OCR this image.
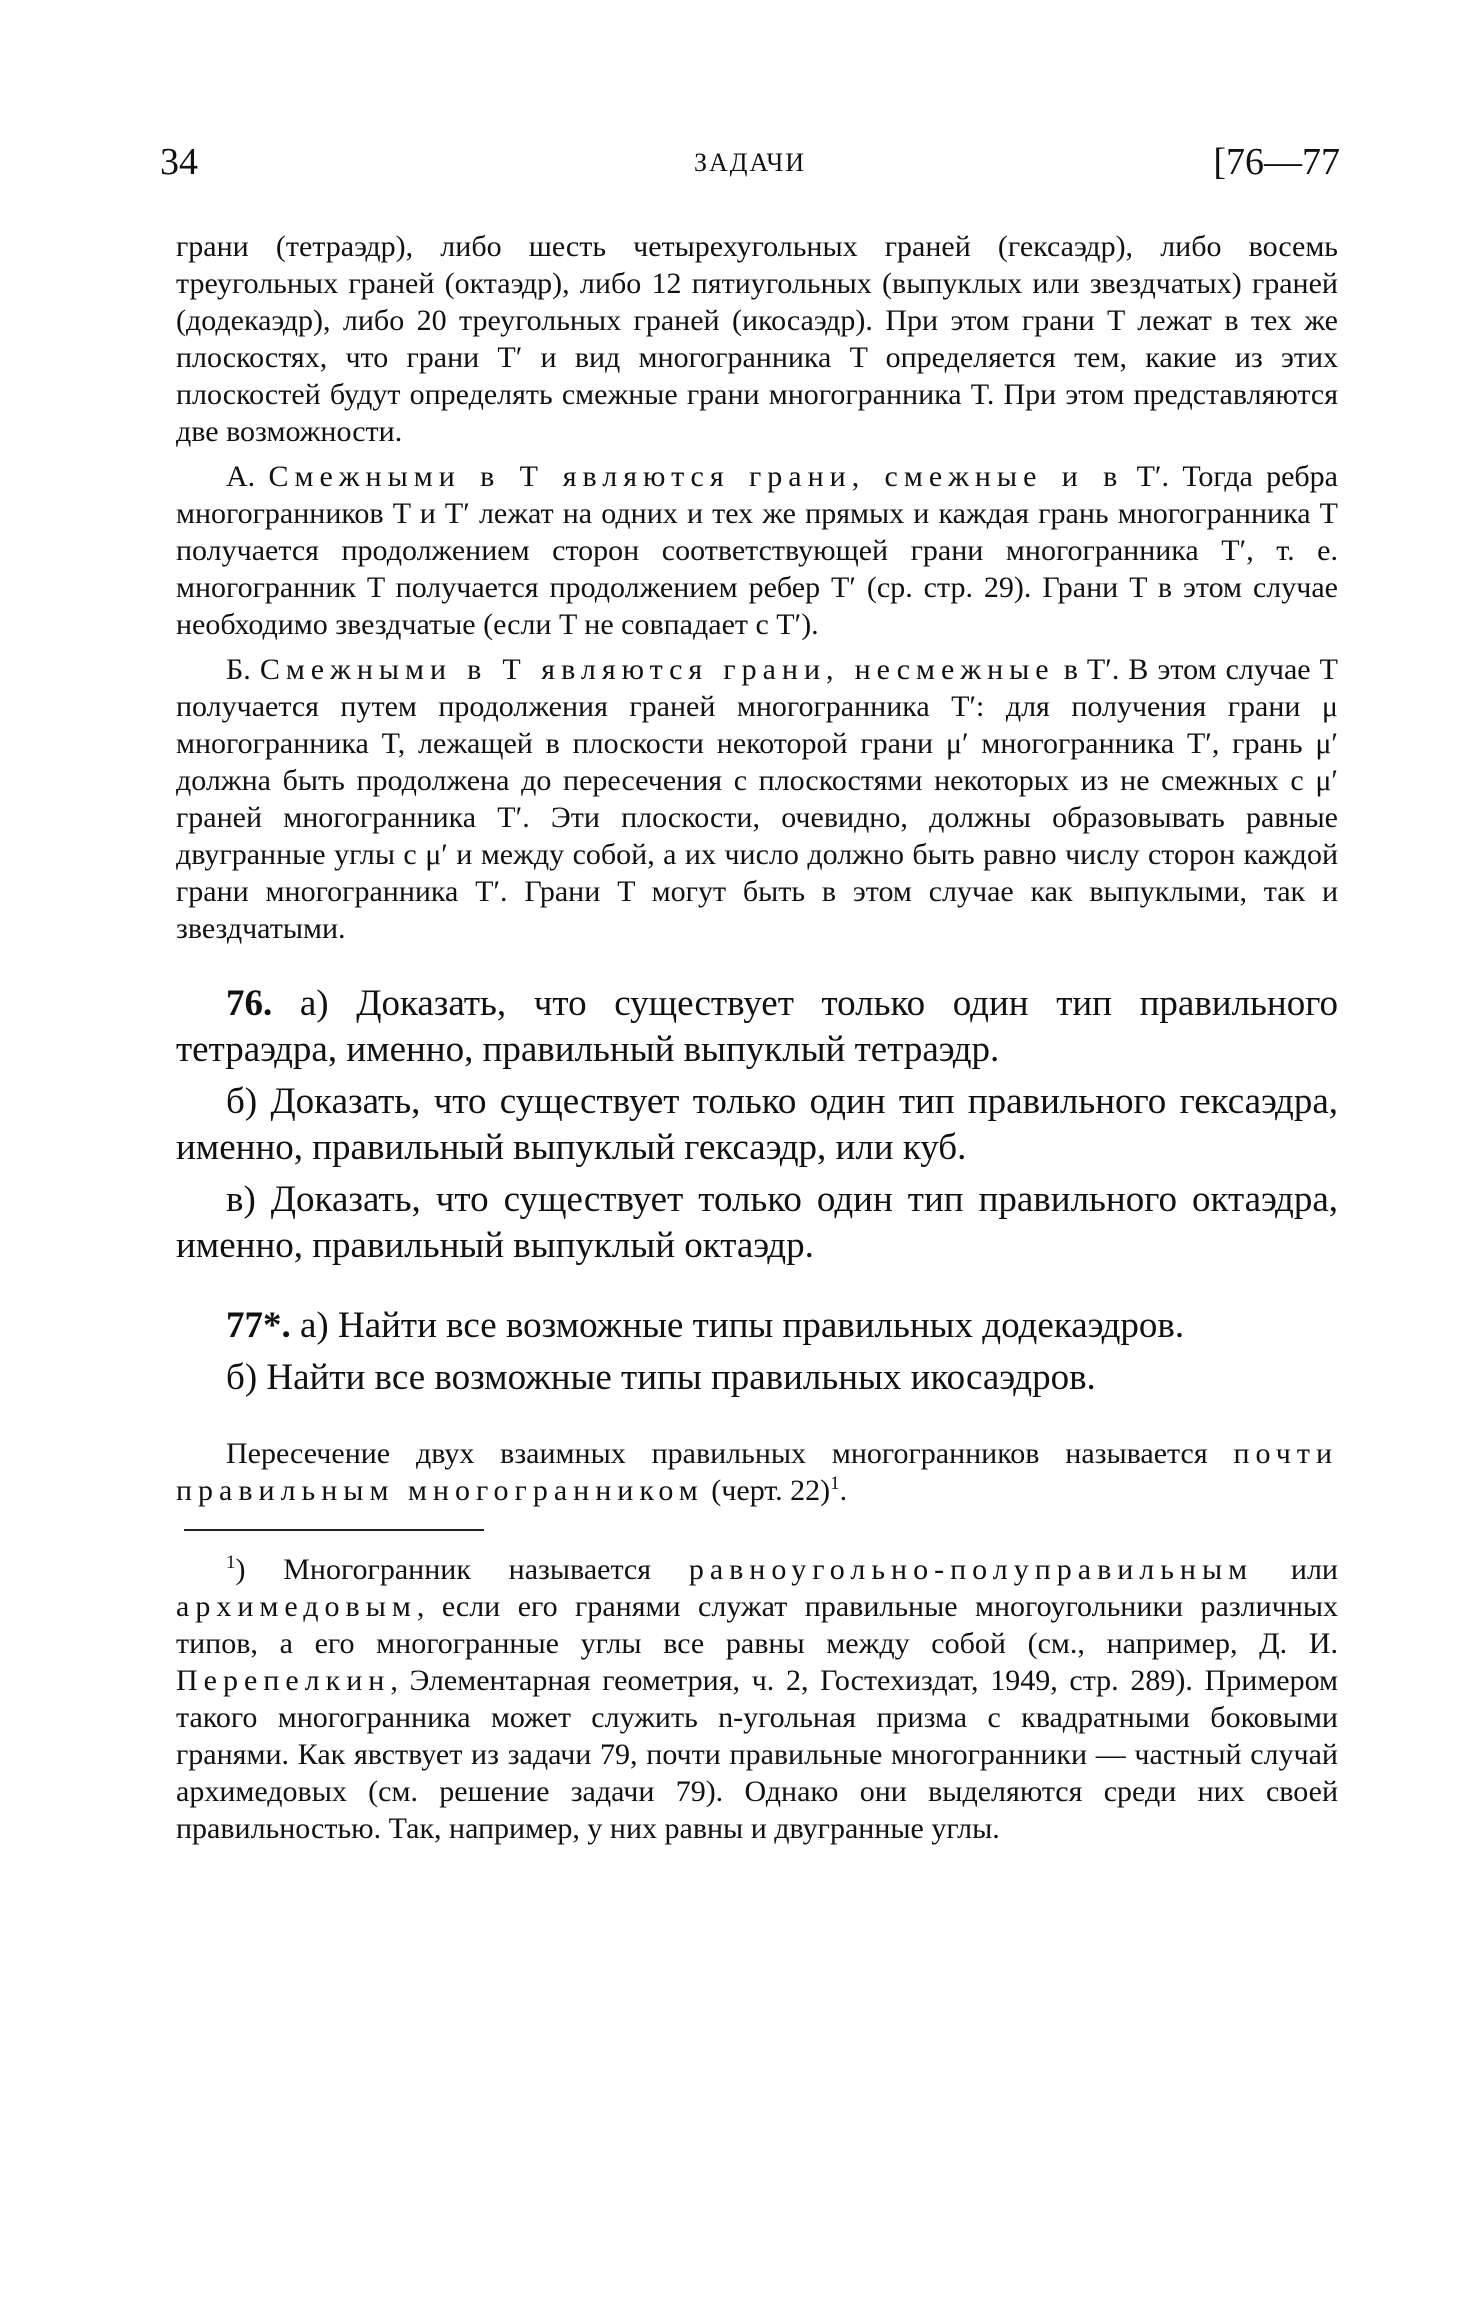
34	ЗАДАЧИ	[76—77

грани (тетраэдр), либо шесть четырехугольных граней (гексаэдр), либо восемь треугольных граней (октаэдр), либо 12 пятиугольных (выпуклых или звездчатых) граней (додекаэдр), либо 20 треугольных граней (икосаэдр). При этом грани T лежат в тех же плоскостях, что грани T′ и вид многогранника T определяется тем, какие из этих плоскостей будут определять смежные грани многогранника T. При этом представляются две возможности.

А. Смежными в T являются грани, смежные и в T′. Тогда ребра многогранников T и T′ лежат на одних и тех же прямых и каждая грань многогранника T получается продолжением сторон соответствующей грани многогранника T′, т. е. многогранник T получается продолжением ребер T′ (ср. стр. 29). Грани T в этом случае необходимо звездчатые (если T не совпадает с T′).

Б. Смежными в T являются грани, несмежные в T′. В этом случае T получается путем продолжения граней многогранника T′: для получения грани μ многогранника T, лежащей в плоскости некоторой грани μ′ многогранника T′, грань μ′ должна быть продолжена до пересечения с плоскостями некоторых из не смежных с μ′ граней многогранника T′. Эти плоскости, очевидно, должны образовывать равные двугранные углы с μ′ и между собой, а их число должно быть равно числу сторон каждой грани многогранника T′. Грани T могут быть в этом случае как выпуклыми, так и звездчатыми.

76. а) Доказать, что существует только один тип правильного тетраэдра, именно, правильный выпуклый тетраэдр.

б) Доказать, что существует только один тип правильного гексаэдра, именно, правильный выпуклый гексаэдр, или куб.

в) Доказать, что существует только один тип правильного октаэдра, именно, правильный выпуклый октаэдр.

77*. а) Найти все возможные типы правильных додекаэдров.

б) Найти все возможные типы правильных икосаэдров.

Пересечение двух взаимных правильных многогранников называется почти правильным многогранником (черт. 22)$^1$.

$^1$) Многогранник называется равноугольно-полуправильным или архимедовым, если его гранями служат правильные многоугольники различных типов, а его многогранные углы все равны между собой (см., например, Д. И. Перепелкин, Элементарная геометрия, ч. 2, Гостехиздат, 1949, стр. 289). Примером такого многогранника может служить n-угольная призма с квадратными боковыми гранями. Как явствует из задачи 79, почти правильные многогранники — частный случай архимедовых (см. решение задачи 79). Однако они выделяются среди них своей правильностью. Так, например, у них равны и двугранные углы.
